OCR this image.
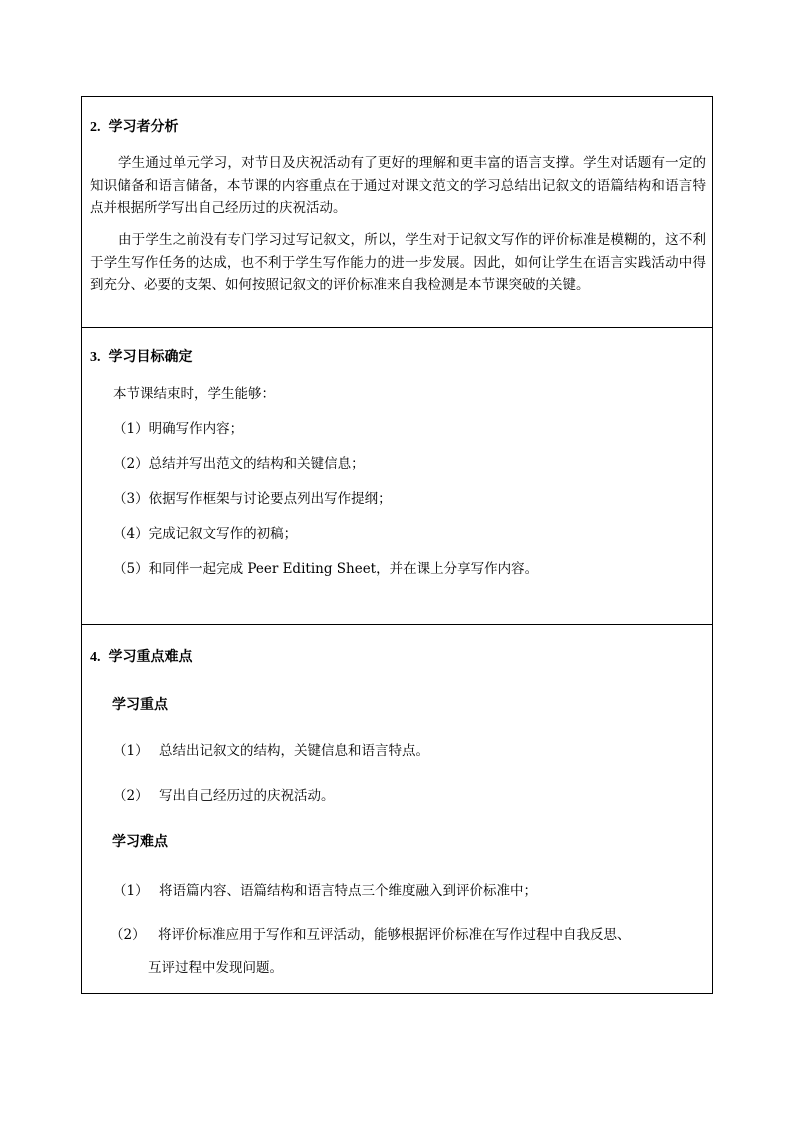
2. 学习者分析
学生通过单元学习，对节日及庆祝活动有了更好的理解和更丰富的语言支撑。学生对话题有一定的知识储备和语言储备，本节课的内容重点在于通过对课文范文的学习总结出记叙文的语篇结构和语言特点并根据所学写出自己经历过的庆祝活动。
由于学生之前没有专门学习过写记叙文，所以，学生对于记叙文写作的评价标准是模糊的，这不利于学生写作任务的达成，也不利于学生写作能力的进一步发展。因此，如何让学生在语言实践活动中得到充分、必要的支架、如何按照记叙文的评价标准来自我检测是本节课突破的关键。
3. 学习目标确定
本节课结束时，学生能够：
（1）明确写作内容；
（2）总结并写出范文的结构和关键信息；
（3）依据写作框架与讨论要点列出写作提纲；
（4）完成记叙文写作的初稿；
（5）和同伴一起完成 Peer Editing Sheet，并在课上分享写作内容。
4. 学习重点难点
学习重点
（1） 总结出记叙文的结构，关键信息和语言特点。
（2） 写出自己经历过的庆祝活动。
学习难点
（1） 将语篇内容、语篇结构和语言特点三个维度融入到评价标准中；
（2） 将评价标准应用于写作和互评活动，能够根据评价标准在写作过程中自我反思、
互评过程中发现问题。
